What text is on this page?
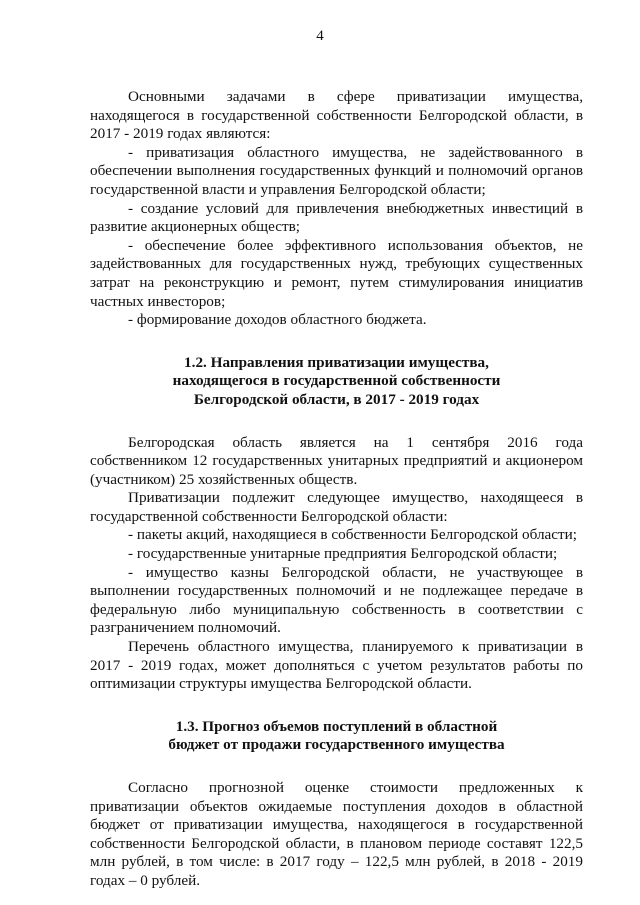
4

Основными задачами в сфере приватизации имущества, находящегося в государственной собственности Белгородской области, в 2017 - 2019 годах являются:

- приватизация областного имущества, не задействованного в обеспечении выполнения государственных функций и полномочий органов государственной власти и управления Белгородской области;

- создание условий для привлечения внебюджетных инвестиций в развитие акционерных обществ;

- обеспечение более эффективного использования объектов, не задействованных для государственных нужд, требующих существенных затрат на реконструкцию и ремонт, путем стимулирования инициатив частных инвесторов;

- формирование доходов областного бюджета.

1.2. Направления приватизации имущества,
находящегося в государственной собственности
Белгородской области, в 2017 - 2019 годах

Белгородская область является на 1 сентября 2016 года собственником 12 государственных унитарных предприятий и акционером (участником) 25 хозяйственных обществ.

Приватизации подлежит следующее имущество, находящееся в государственной собственности Белгородской области:

- пакеты акций, находящиеся в собственности Белгородской области;

- государственные унитарные предприятия Белгородской области;

- имущество казны Белгородской области, не участвующее в выполнении государственных полномочий и не подлежащее передаче в федеральную либо муниципальную собственность в соответствии с разграничением полномочий.

Перечень областного имущества, планируемого к приватизации в 2017 - 2019 годах, может дополняться с учетом результатов работы по оптимизации структуры имущества Белгородской области.

1.3. Прогноз объемов поступлений в областной
бюджет от продажи государственного имущества

Согласно прогнозной оценке стоимости предложенных к приватизации объектов ожидаемые поступления доходов в областной бюджет от приватизации имущества, находящегося в государственной собственности Белгородской области, в плановом периоде составят 122,5 млн рублей, в том числе: в 2017 году – 122,5 млн рублей, в 2018 - 2019 годах – 0 рублей.
